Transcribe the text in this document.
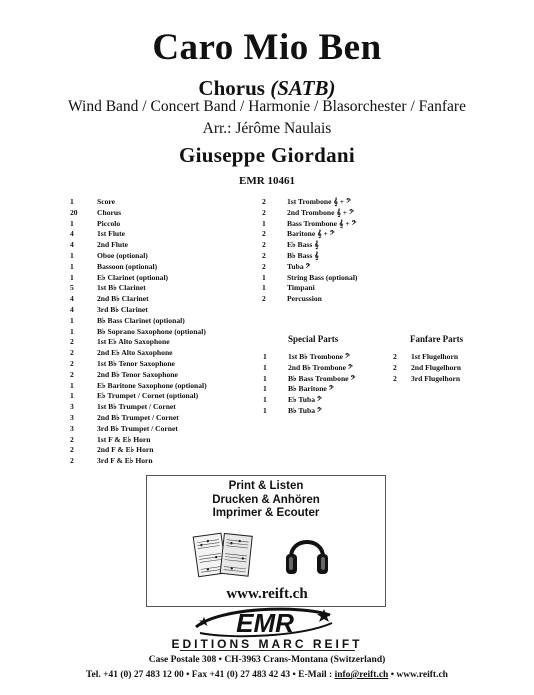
Caro Mio Ben
Chorus (SATB)
Wind Band / Concert Band / Harmonie / Blasorchester / Fanfare
Arr.: Jérôme Naulais
Giuseppe Giordani
EMR 10461
1	Score
20	Chorus
1	Piccolo
4	1st Flute
4	2nd Flute
1	Oboe (optional)
1	Bassoon (optional)
1	E♭ Clarinet (optional)
5	1st B♭ Clarinet
4	2nd B♭ Clarinet
4	3rd B♭ Clarinet
1	B♭ Bass Clarinet (optional)
1	B♭ Soprano Saxophone (optional)
2	1st E♭ Alto Saxophone
2	2nd E♭ Alto Saxophone
2	1st B♭ Tenor Saxophone
2	2nd B♭ Tenor Saxophone
1	E♭ Baritone Saxophone (optional)
1	E♭ Trumpet / Cornet (optional)
3	1st B♭ Trumpet / Cornet
3	2nd B♭ Trumpet / Cornet
3	3rd B♭ Trumpet / Cornet
2	1st F & E♭ Horn
2	2nd F & E♭ Horn
2	3rd F & E♭ Horn
2	1st Trombone 𝄞 + 𝄢
2	2nd Trombone 𝄞 + 𝄢
1	Bass Trombone 𝄞 + 𝄢
2	Baritone 𝄞 + 𝄢
2	E♭ Bass 𝄞
2	B♭ Bass 𝄞
2	Tuba 𝄢
1	String Bass (optional)
1	Timpani
2	Percussion
Special Parts	Fanfare Parts
1	1st B♭ Trombone 𝄢
1	2nd B♭ Trombone 𝄢
1	B♭ Bass Trombone 𝄢
1	B♭ Baritone 𝄢
1	E♭ Tuba 𝄢
1	B♭ Tuba 𝄢
2	1st Flugelhorn
2	2nd Flugelhorn
2	3rd Flugelhorn
Print & Listen
Drucken & Anhören
Imprimer & Ecouter
www.reift.ch
EMR
EDITIONS MARC REIFT
Case Postale 308 • CH-3963 Crans-Montana (Switzerland)
Tel. +41 (0) 27 483 12 00 • Fax +41 (0) 27 483 42 43 • E-Mail : info@reift.ch • www.reift.ch
